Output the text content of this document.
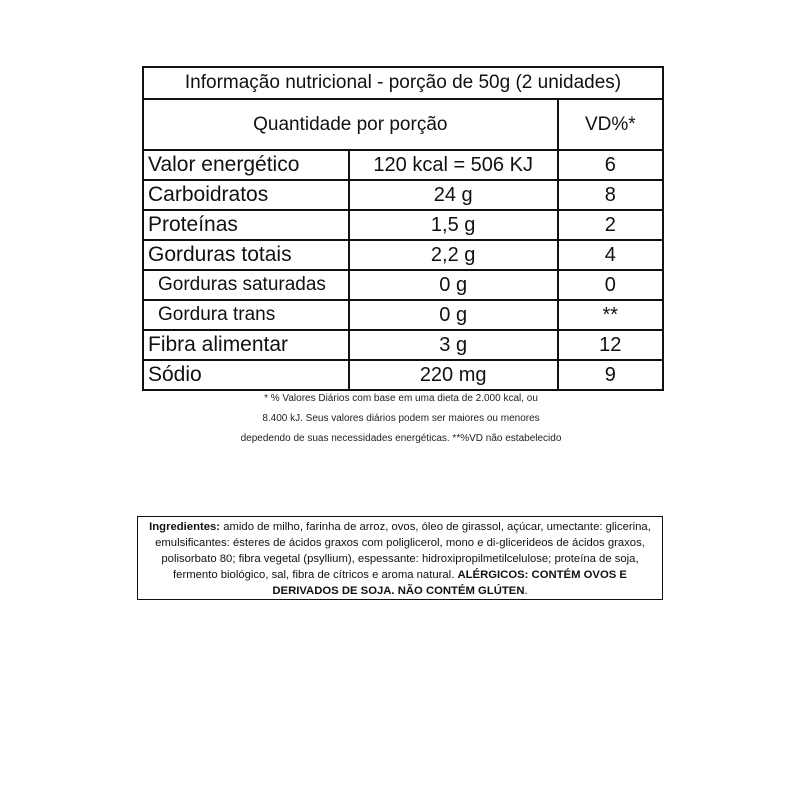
Informação nutricional - porção de 50g (2 unidades)		
Quantidade por porção		VD%*
Valor energético	120 kcal = 506 KJ	6
Carboidratos	24 g	8
Proteínas	1,5 g	2
Gorduras totais	2,2 g	4
Gorduras saturadas	0 g	0
Gordura trans	0 g	**
Fibra alimentar	3 g	12
Sódio	220 mg	9
* % Valores Diários com base em uma dieta de 2.000 kcal, ou
8.400 kJ. Seus valores diários podem ser maiores ou menores
depedendo de suas necessidades energéticas. **%VD não estabelecido
Ingredientes: amido de milho, farinha de arroz, ovos, óleo de girassol, açúcar, umectante: glicerina, emulsificantes: ésteres de ácidos graxos com poliglicerol, mono e di-glicerideos de ácidos graxos, polisorbato 80; fibra vegetal (psyllium), espessante: hidroxipropilmetilcelulose; proteína de soja, fermento biológico, sal, fibra de cítricos e aroma natural. ALÉRGICOS: CONTÉM OVOS E DERIVADOS DE SOJA. NÃO CONTÉM GLÚTEN.
